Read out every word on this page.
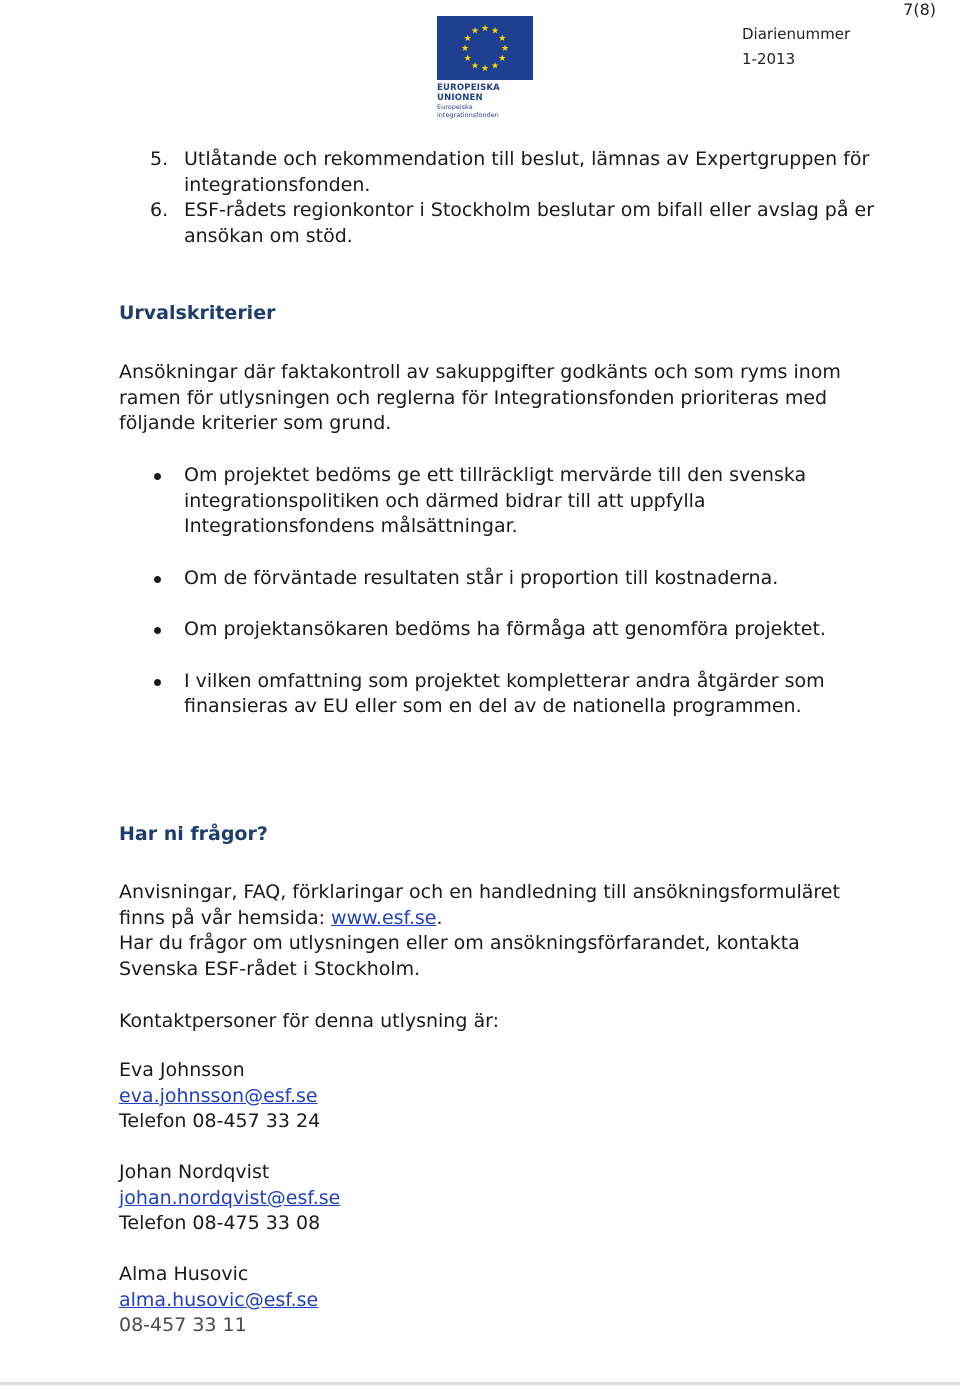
7(8)
★ ★
★
★
★
★
★
★
★
★
★
★
EUROPEISKA UNIONEN
Europeiska integrationsfonden
Diarienummer
1-2013
5. Utlåtande och rekommendation till beslut, lämnas av Expertgruppen för integrationsfonden.
6. ESF-rådets regionkontor i Stockholm beslutar om bifall eller avslag på er ansökan om stöd.
Urvalskriterier
Ansökningar där faktakontroll av sakuppgifter godkänts och som ryms inom ramen för utlysningen och reglerna för Integrationsfonden prioriteras med följande kriterier som grund.
Om projektet bedöms ge ett tillräckligt mervärde till den svenska integrationspolitiken och därmed bidrar till att uppfylla Integrationsfondens målsättningar.
Om de förväntade resultaten står i proportion till kostnaderna.
Om projektansökaren bedöms ha förmåga att genomföra projektet.
I vilken omfattning som projektet kompletterar andra åtgärder som finansieras av EU eller som en del av de nationella programmen.
Har ni frågor?
Anvisningar, FAQ, förklaringar och en handledning till ansökningsformuläret finns på vår hemsida: www.esf.se.
Har du frågor om utlysningen eller om ansökningsförfarandet, kontakta Svenska ESF-rådet i Stockholm.
Kontaktpersoner för denna utlysning är:
Eva Johnsson
eva.johnsson@esf.se
Telefon 08-457 33 24
Johan Nordqvist
johan.nordqvist@esf.se
Telefon 08-475 33 08
Alma Husovic
alma.husovic@esf.se
08-457 33 11
